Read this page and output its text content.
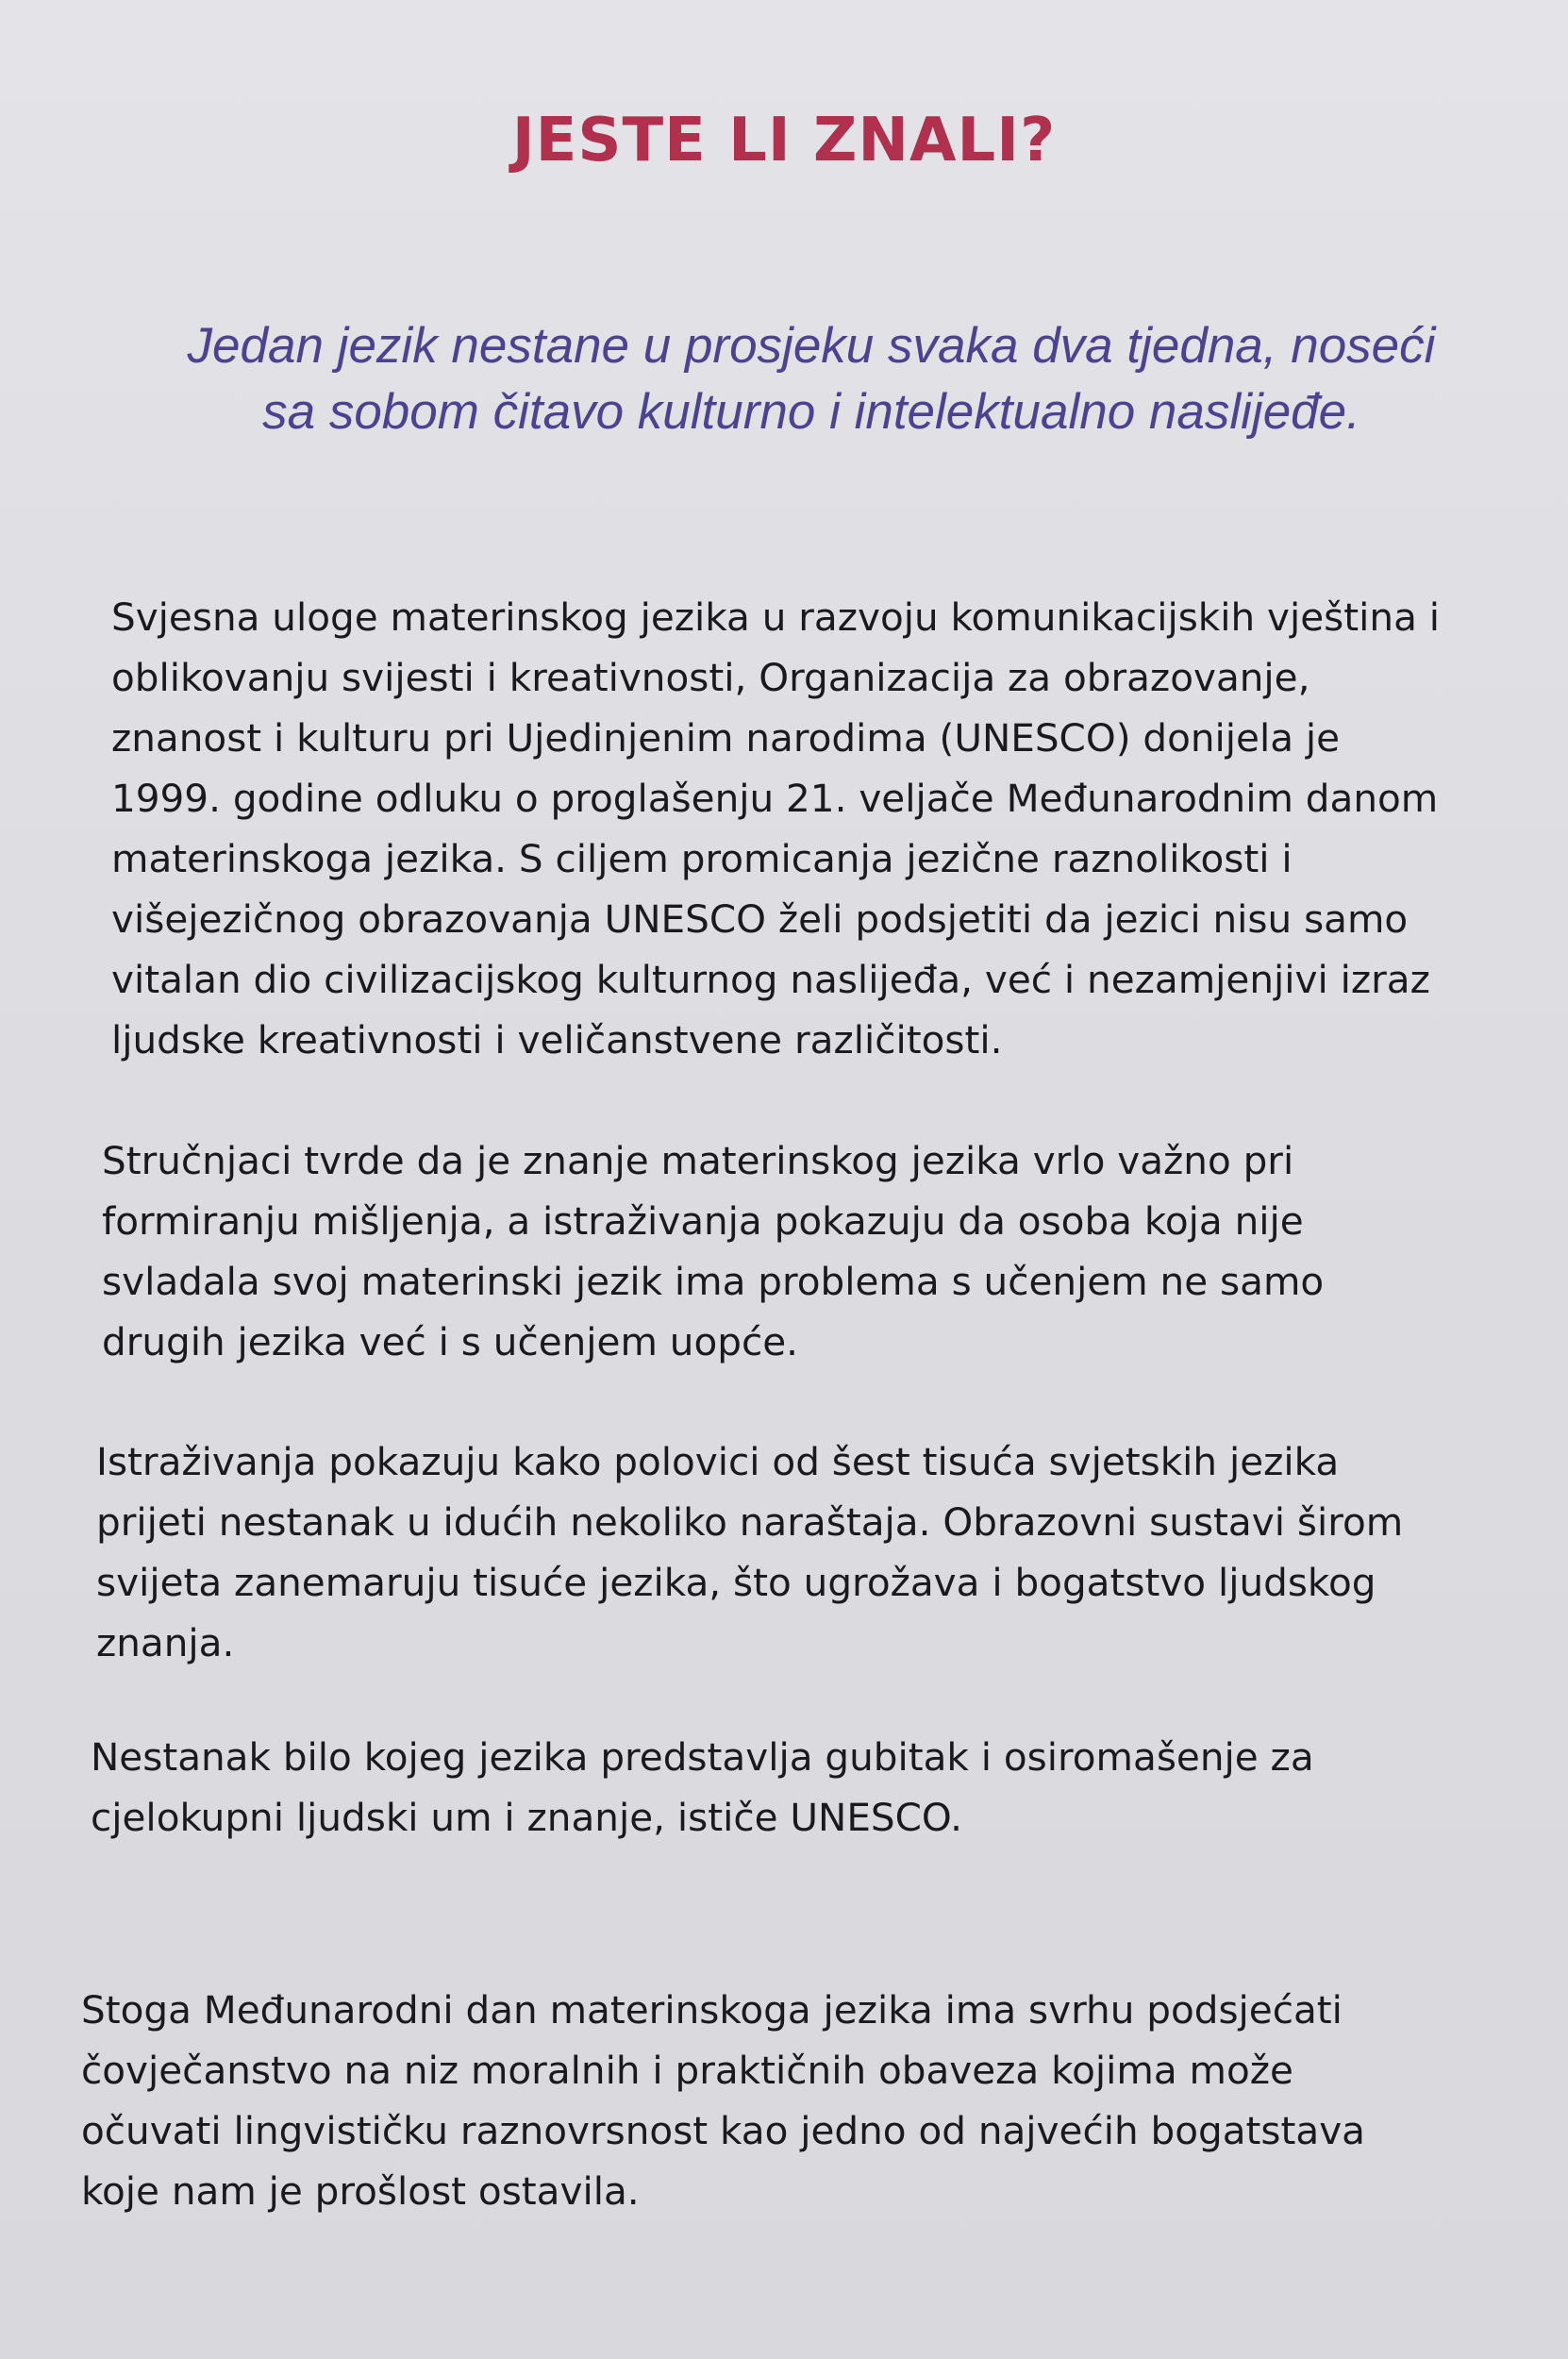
JESTE LI ZNALI?

Jedan jezik nestane u prosjeku svaka dva tjedna, noseći
sa sobom čitavo kulturno i intelektualno naslijeđe.

Svjesna uloge materinskog jezika u razvoju komunikacijskih vještina i
oblikovanju svijesti i kreativnosti, Organizacija za obrazovanje,
znanost i kulturu pri Ujedinjenim narodima (UNESCO) donijela je
1999. godine odluku o proglašenju 21. veljače Međunarodnim danom
materinskoga jezika. S ciljem promicanja jezične raznolikosti i
višejezičnog obrazovanja UNESCO želi podsjetiti da jezici nisu samo
vitalan dio civilizacijskog kulturnog naslijeđa, već i nezamjenjivi izraz
ljudske kreativnosti i veličanstvene različitosti.

Stručnjaci tvrde da je znanje materinskog jezika vrlo važno pri
formiranju mišljenja, a istraživanja pokazuju da osoba koja nije
svladala svoj materinski jezik ima problema s učenjem ne samo
drugih jezika već i s učenjem uopće.

Istraživanja pokazuju kako polovici od šest tisuća svjetskih jezika
prijeti nestanak u idućih nekoliko naraštaja. Obrazovni sustavi širom
svijeta zanemaruju tisuće jezika, što ugrožava i bogatstvo ljudskog
znanja.

Nestanak bilo kojeg jezika predstavlja gubitak i osiromašenje za
cjelokupni ljudski um i znanje, ističe UNESCO.

Stoga Međunarodni dan materinskoga jezika ima svrhu podsjećati
čovječanstvo na niz moralnih i praktičnih obaveza kojima može
očuvati lingvističku raznovrsnost kao jedno od najvećih bogatstava
koje nam je prošlost ostavila.
